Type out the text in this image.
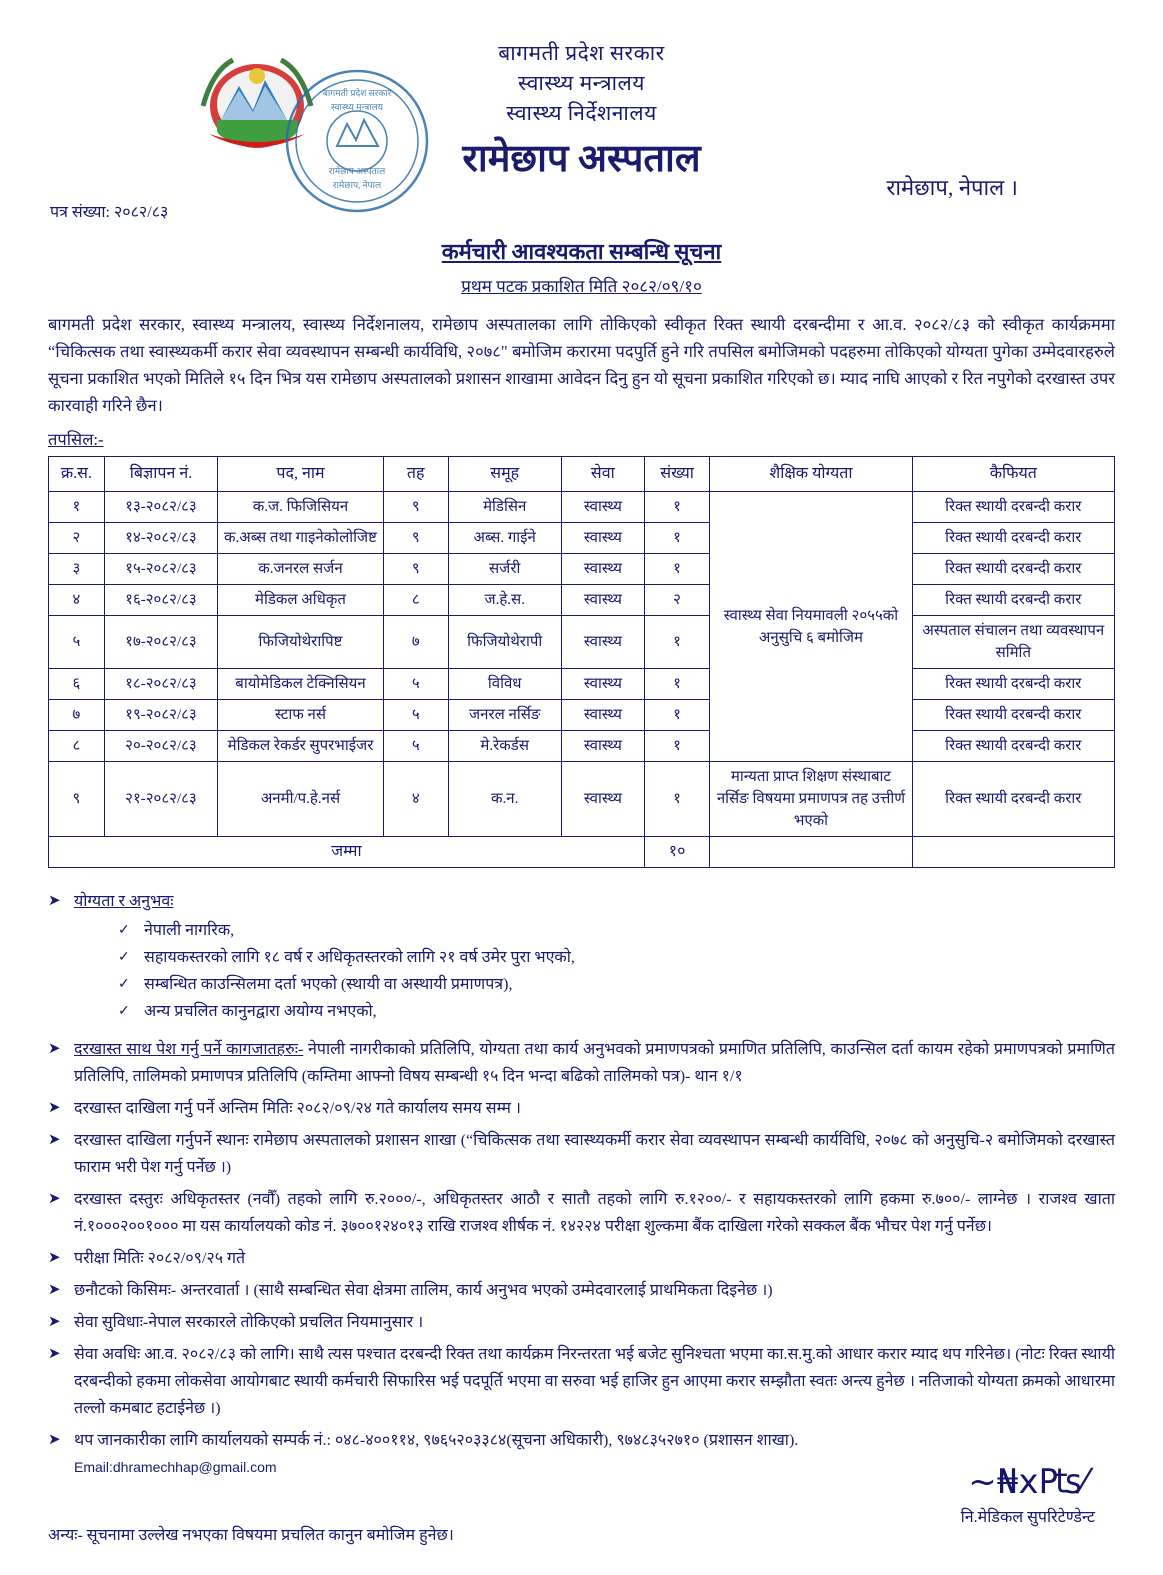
बागमती प्रदेश सरकार
स्वास्थ्य मन्त्रालय
रामेछाप अस्पताल
रामेछाप, नेपाल
बागमती प्रदेश सरकार
स्वास्थ्य मन्त्रालय
स्वास्थ्य निर्देशनालय
रामेछाप अस्पताल
रामेछाप, नेपाल ।
पत्र संख्या: २०८२/८३
कर्मचारी आवश्यकता सम्बन्धि सूचना
प्रथम पटक प्रकाशित मिति २०८२/०९/१०
बागमती प्रदेश सरकार, स्वास्थ्य मन्त्रालय, स्वास्थ्य निर्देशनालय, रामेछाप अस्पतालका लागि तोकिएको स्वीकृत रिक्त स्थायी दरबन्दीमा र आ.व. २०८२/८३ को स्वीकृत कार्यक्रममा “चिकित्सक तथा स्वास्थ्यकर्मी करार सेवा व्यवस्थापन सम्बन्धी कार्यविधि, २०७८" बमोजिम करारमा पदपुर्ति हुने गरि तपसिल बमोजिमको पदहरुमा तोकिएको योग्यता पुगेका उम्मेदवारहरुले सूचना प्रकाशित भएको मितिले १५ दिन भित्र यस रामेछाप अस्पतालको प्रशासन शाखामा आवेदन दिनु हुन यो सूचना प्रकाशित गरिएको छ। म्याद नाघि आएको र रित नपुगेको दरखास्त उपर कारवाही गरिने छैन।
तपसिल:-
क्र.स.	बिज्ञापन नं.	पद, नाम	तह	समूह	सेवा	संख्या	शैक्षिक योग्यता	कैफियत
१	१३-२०८२/८३	क.ज. फिजिसियन	९	मेडिसिन	स्वास्थ्य	१	स्वास्थ्य सेवा नियमावली २०५५को अनुसुचि ६ बमोजिम	रिक्त स्थायी दरबन्दी करार
२	१४-२०८२/८३	क.अब्स तथा गाइनेकोलोजिष्ट	९	अब्स. गाईने	स्वास्थ्य	१		रिक्त स्थायी दरबन्दी करार
३	१५-२०८२/८३	क.जनरल सर्जन	९	सर्जरी	स्वास्थ्य	१		रिक्त स्थायी दरबन्दी करार
४	१६-२०८२/८३	मेडिकल अधिकृत	८	ज.हे.स.	स्वास्थ्य	२		रिक्त स्थायी दरबन्दी करार
५	१७-२०८२/८३	फिजियोथेरापिष्ट	७	फिजियोथेरापी	स्वास्थ्य	१		अस्पताल संचालन तथा व्यवस्थापन समिति
६	१८-२०८२/८३	बायोमेडिकल टेक्निसियन	५	विविध	स्वास्थ्य	१		रिक्त स्थायी दरबन्दी करार
७	१९-२०८२/८३	स्टाफ नर्स	५	जनरल नर्सिङ	स्वास्थ्य	१		रिक्त स्थायी दरबन्दी करार
८	२०-२०८२/८३	मेडिकल रेकर्डर सुपरभाईजर	५	मे.रेकर्डस	स्वास्थ्य	१		रिक्त स्थायी दरबन्दी करार
९	२१-२०८२/८३	अनमी/प.हे.नर्स	४	क.न.	स्वास्थ्य	१	मान्यता प्राप्त शिक्षण संस्थाबाट नर्सिङ विषयमा प्रमाणपत्र तह उत्तीर्ण भएको	रिक्त स्थायी दरबन्दी करार
जम्मा						१०		
➤ योग्यता र अनुभवः
✓ नेपाली नागरिक,
✓ सहायकस्तरको लागि १८ वर्ष र अधिकृतस्तरको लागि २१ वर्ष उमेर पुरा भएको,
✓ सम्बन्धित काउन्सिलमा दर्ता भएको (स्थायी वा अस्थायी प्रमाणपत्र),
✓ अन्य प्रचलित कानुनद्वारा अयोग्य नभएको,
➤ दरखास्त साथ पेश गर्नु पर्ने कागजातहरुः- नेपाली नागरीकाको प्रतिलिपि, योग्यता तथा कार्य अनुभवको प्रमाणपत्रको प्रमाणित प्रतिलिपि, काउन्सिल दर्ता कायम रहेको प्रमाणपत्रको प्रमाणित प्रतिलिपि, तालिमको प्रमाणपत्र प्रतिलिपि (कम्तिमा आफ्नो विषय सम्बन्धी १५ दिन भन्दा बढिको तालिमको पत्र)- थान १/१
➤ दरखास्त दाखिला गर्नु पर्ने अन्तिम मितिः २०८२/०९/२४ गते कार्यालय समय सम्म ।
➤ दरखास्त दाखिला गर्नुपर्ने स्थानः रामेछाप अस्पतालको प्रशासन शाखा (“चिकित्सक तथा स्वास्थ्यकर्मी करार सेवा व्यवस्थापन सम्बन्धी कार्यविधि, २०७८ को अनुसुचि-२ बमोजिमको दरखास्त फाराम भरी पेश गर्नु पर्नेछ ।)
➤ दरखास्त दस्तुरः अधिकृतस्तर (नवौँ) तहको लागि रु.२०००/-, अधिकृतस्तर आठौ र सातौ तहको लागि रु.१२००/- र सहायकस्तरको लागि हकमा रु.७००/- लाग्नेछ । राजश्व खाता नं.१०००२००१००० मा यस कार्यालयको कोड नं. ३७००१२४०१३ राखि राजश्व शीर्षक नं. १४२२४ परीक्षा शुल्कमा बैंक दाखिला गरेको सक्कल बैंक भौचर पेश गर्नु पर्नेछ।
➤ परीक्षा मितिः २०८२/०९/२५ गते
➤ छनौटको किसिमः- अन्तरवार्ता । (साथै सम्बन्धित सेवा क्षेत्रमा तालिम, कार्य अनुभव भएको उम्मेदवारलाई प्राथमिकता दिइनेछ ।)
➤ सेवा सुविधाः-नेपाल सरकारले तोकिएको प्रचलित नियमानुसार ।
➤ सेवा अवधिः आ.व. २०८२/८३ को लागि। साथै त्यस पश्चात दरबन्दी रिक्त तथा कार्यक्रम निरन्तरता भई बजेट सुनिश्चता भएमा का.स.मु.को आधार करार म्याद थप गरिनेछ। (नोटः रिक्त स्थायी दरबन्दीको हकमा लोकसेवा आयोगबाट स्थायी कर्मचारी सिफारिस भई पदपूर्ति भएमा वा सरुवा भई हाजिर हुन आएमा करार सम्झौता स्वतः अन्त्य हुनेछ । नतिजाको योग्यता क्रमको आधारमा तल्लो कमबाट हटाईनेछ ।)
➤ थप जानकारीका लागि कार्यालयको सम्पर्क नं.: ०४८-४००११४, ९७६५२०३३८४(सूचना अधिकारी), ९७४८३५२७१० (प्रशासन शाखा).
Email:dhramechhap@gmail.com
अन्यः- सूचनामा उल्लेख नभएका विषयमा प्रचलित कानुन बमोजिम हुनेछ।
~₦x₧⁄
नि.मेडिकल सुपरिटेण्डेन्ट
